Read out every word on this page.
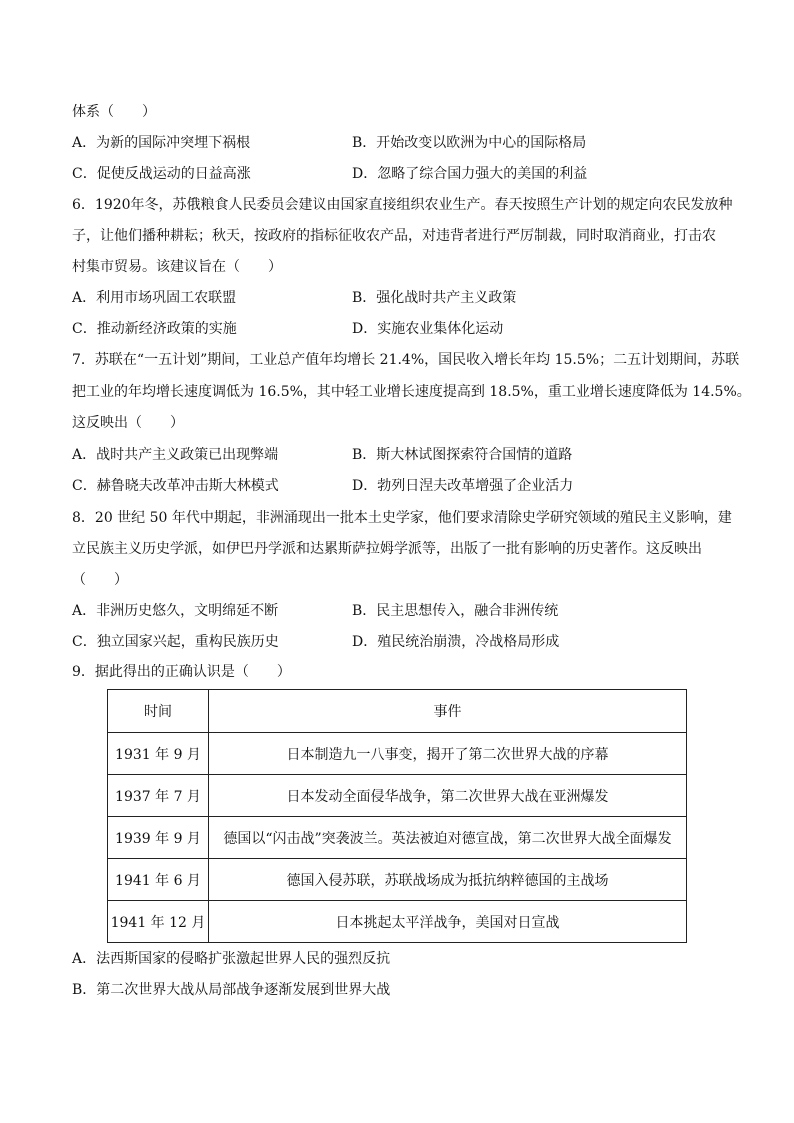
体系（　　）
A．为新的国际冲突埋下祸根	B．开始改变以欧洲为中心的国际格局
C．促使反战运动的日益高涨	D．忽略了综合国力强大的美国的利益
6．1920年冬，苏俄粮食人民委员会建议由国家直接组织农业生产。春天按照生产计划的规定向农民发放种
子，让他们播种耕耘；秋天，按政府的指标征收农产品，对违背者进行严厉制裁，同时取消商业，打击农
村集市贸易。该建议旨在（　　）
A．利用市场巩固工农联盟	B．强化战时共产主义政策
C．推动新经济政策的实施	D．实施农业集体化运动
7．苏联在“一五计划”期间，工业总产值年均增长 21.4%，国民收入增长年均 15.5%；二五计划期间，苏联
把工业的年均增长速度调低为 16.5%，其中轻工业增长速度提高到 18.5%，重工业增长速度降低为 14.5%。
这反映出（　　）
A．战时共产主义政策已出现弊端	B．斯大林试图探索符合国情的道路
C．赫鲁晓夫改革冲击斯大林模式	D．勃列日涅夫改革增强了企业活力
8．20 世纪 50 年代中期起，非洲涌现出一批本土史学家，他们要求清除史学研究领域的殖民主义影响，建
立民族主义历史学派，如伊巴丹学派和达累斯萨拉姆学派等，出版了一批有影响的历史著作。这反映出
（　　）
A．非洲历史悠久，文明绵延不断	B．民主思想传入，融合非洲传统
C．独立国家兴起，重构民族历史	D．殖民统治崩溃，冷战格局形成
9．据此得出的正确认识是（　　）
时间	事件
1931 年 9 月	日本制造九一八事变，揭开了第二次世界大战的序幕
1937 年 7 月	日本发动全面侵华战争，第二次世界大战在亚洲爆发
1939 年 9 月	德国以“闪击战”突袭波兰。英法被迫对德宣战，第二次世界大战全面爆发
1941 年 6 月	德国入侵苏联，苏联战场成为抵抗纳粹德国的主战场
1941 年 12 月	日本挑起太平洋战争，美国对日宣战
A．法西斯国家的侵略扩张激起世界人民的强烈反抗
B．第二次世界大战从局部战争逐渐发展到世界大战
